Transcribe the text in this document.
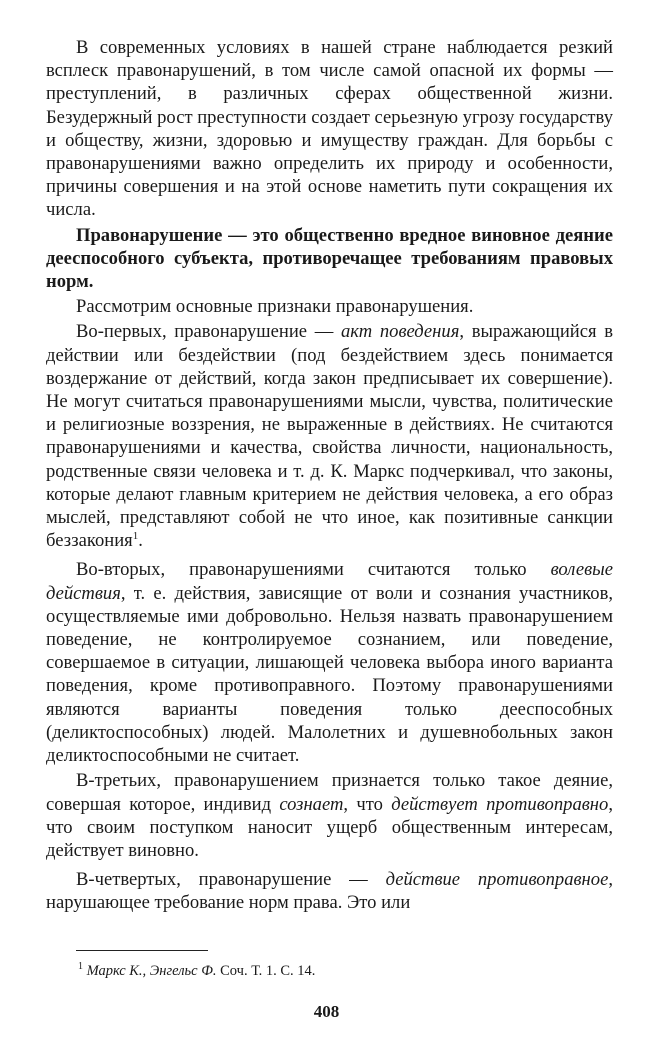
В современных условиях в нашей стране наблюдается резкий всплеск правонарушений, в том числе самой опасной их формы — преступлений, в различных сферах общественной жизни. Безудержный рост преступности создает серьезную угрозу государству и обществу, жизни, здоровью и имуществу граждан. Для борьбы с правонарушениями важно определить их природу и особенности, причины совершения и на этой основе наметить пути сокращения их числа.

Правонарушение — это общественно вредное виновное деяние дееспособного субъекта, противоречащее требованиям правовых норм.

Рассмотрим основные признаки правонарушения.

Во-первых, правонарушение — акт поведения, выражающийся в действии или бездействии (под бездействием здесь понимается воздержание от действий, когда закон предписывает их совершение). Не могут считаться правонарушениями мысли, чувства, политические и религиозные воззрения, не выраженные в действиях. Не считаются правонарушениями и качества, свойства личности, национальность, родственные связи человека и т. д. К. Маркс подчеркивал, что законы, которые делают главным критерием не действия человека, а его образ мыслей, представляют собой не что иное, как позитивные санкции беззакония$^1$.

Во-вторых, правонарушениями считаются только волевые действия, т. е. действия, зависящие от воли и сознания участников, осуществляемые ими добровольно. Нельзя назвать правонарушением поведение, не контролируемое сознанием, или поведение, совершаемое в ситуации, лишающей человека выбора иного варианта поведения, кроме противоправного. Поэтому правонарушениями являются варианты поведения только дееспособных (деликтоспособных) людей. Малолетних и душевнобольных закон деликтоспособными не считает.

В-третьих, правонарушением признается только такое деяние, совершая которое, индивид сознает, что действует противоправно, что своим поступком наносит ущерб общественным интересам, действует виновно.

В-четвертых, правонарушение — действие противоправное, нарушающее требование норм права. Это или

$^1$ Маркс К., Энгельс Ф. Соч. Т. 1. С. 14.
408
